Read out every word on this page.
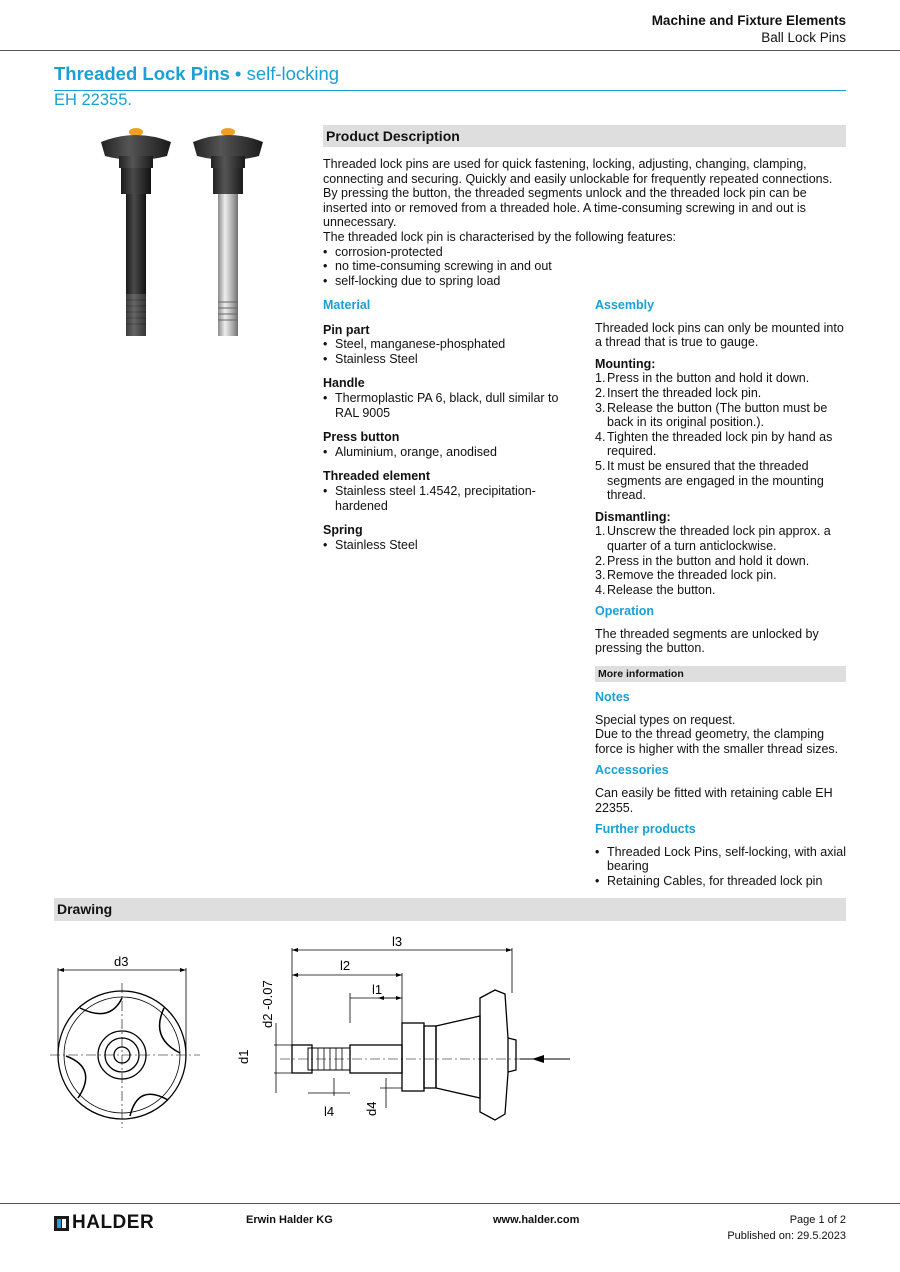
Machine and Fixture Elements
Ball Lock Pins
Threaded Lock Pins • self-locking
EH 22355.
Product Description
Threaded lock pins are used for quick fastening, locking, adjusting, changing, clamping, connecting and securing. Quickly and easily unlockable for frequently repeated connections.
By pressing the button, the threaded segments unlock and the threaded lock pin can be inserted into or removed from a threaded hole. A time-consuming screwing in and out is unnecessary.
The threaded lock pin is characterised by the following features:
• corrosion-protected
• no time-consuming screwing in and out
• self-locking due to spring load
Material
Pin part
• Steel, manganese-phosphated
• Stainless Steel
Handle
• Thermoplastic PA 6, black, dull similar to RAL 9005
Press button
• Aluminium, orange, anodised
Threaded element
• Stainless steel 1.4542, precipitation-hardened
Spring
• Stainless Steel
Assembly
Threaded lock pins can only be mounted into a thread that is true to gauge.
Mounting:
1. Press in the button and hold it down.
2. Insert the threaded lock pin.
3. Release the button (The button must be back in its original position.).
4. Tighten the threaded lock pin by hand as required.
5. It must be ensured that the threaded segments are engaged in the mounting thread.
Dismantling:
1. Unscrew the threaded lock pin approx. a quarter of a turn anticlockwise.
2. Press in the button and hold it down.
3. Remove the threaded lock pin.
4. Release the button.
Operation
The threaded segments are unlocked by pressing the button.
More information
Notes
Special types on request.
Due to the thread geometry, the clamping force is higher with the smaller thread sizes.
Accessories
Can easily be fitted with retaining cable EH 22355.
Further products
• Threaded Lock Pins, self-locking, with axial bearing
• Retaining Cables, for threaded lock pin
Drawing
d3
l3
l2
l1
l4
d2 -0.07
d1
d4
HALDER	Erwin Halder KG	www.halder.com	Page 1 of 2
Published on: 29.5.2023
